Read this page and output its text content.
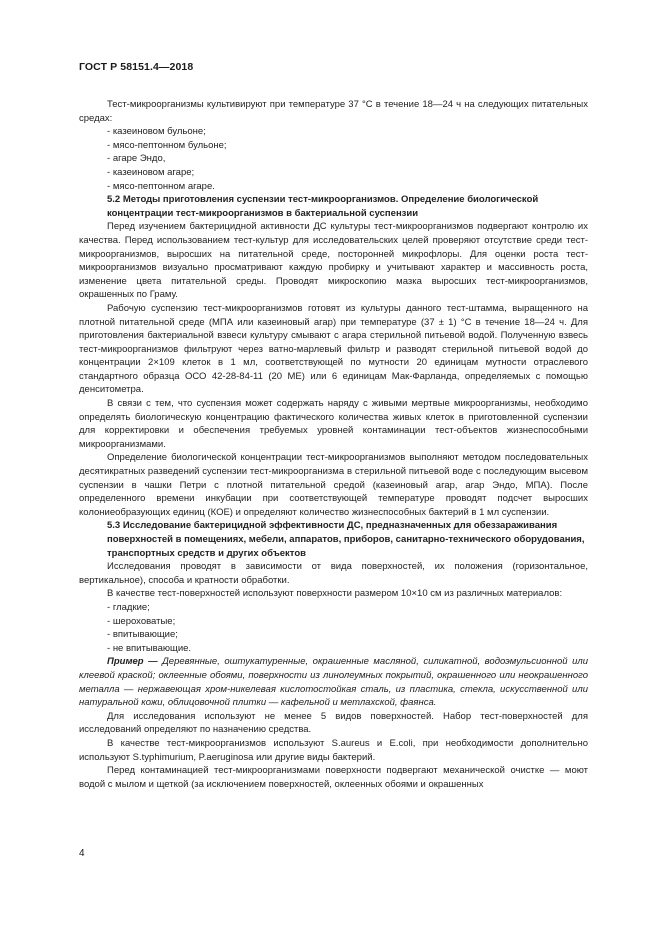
ГОСТ Р 58151.4—2018

Тест-микроорганизмы культивируют при температуре 37 °С в течение 18—24 ч на следующих питательных средах:

- казеиновом бульоне;
- мясо-пептонном бульоне;
- агаре Эндо,
- казеиновом агаре;
- мясо-пептонном агаре.

5.2 Методы приготовления суспензии тест-микроорганизмов. Определение биологической концентрации тест-микроорганизмов в бактериальной суспензии

Перед изучением бактерицидной активности ДС культуры тест-микроорганизмов подвергают контролю их качества. Перед использованием тест-культур для исследовательских целей проверяют отсутствие среди тест-микроорганизмов, выросших на питательной среде, посторонней микрофлоры. Для оценки роста тест-микроорганизмов визуально просматривают каждую пробирку и учитывают характер и массивность роста, изменение цвета питательной среды. Проводят микроскопию мазка выросших тест-микроорганизмов, окрашенных по Граму.

Рабочую суспензию тест-микроорганизмов готовят из культуры данного тест-штамма, выращенного на плотной питательной среде (МПА или казеиновый агар) при температуре (37 ± 1) °С в течение 18—24 ч. Для приготовления бактериальной взвеси культуру смывают с агара стерильной питьевой водой. Полученную взвесь тест-микроорганизмов фильтруют через ватно-марлевый фильтр и разводят стерильной питьевой водой до концентрации 2×109 клеток в 1 мл, соответствующей по мутности 20 единицам мутности отраслевого стандартного образца ОСО 42-28-84-11 (20 МЕ) или 6 единицам Мак-Фарланда, определяемых с помощью денситометра.

В связи с тем, что суспензия может содержать наряду с живыми мертвые микроорганизмы, необходимо определять биологическую концентрацию фактического количества живых клеток в приготовленной суспензии для корректировки и обеспечения требуемых уровней контаминации тест-объектов жизнеспособными микроорганизмами.

Определение биологической концентрации тест-микроорганизмов выполняют методом последовательных десятикратных разведений суспензии тест-микроорганизма в стерильной питьевой воде с последующим высевом суспензии в чашки Петри с плотной питательной средой (казеиновый агар, агар Эндо, МПА). После определенного времени инкубации при соответствующей температуре проводят подсчет выросших колониеобразующих единиц (КОЕ) и определяют количество жизнеспособных бактерий в 1 мл суспензии.

5.3 Исследование бактерицидной эффективности ДС, предназначенных для обеззараживания поверхностей в помещениях, мебели, аппаратов, приборов, санитарно-технического оборудования, транспортных средств и других объектов

Исследования проводят в зависимости от вида поверхностей, их положения (горизонтальное, вертикальное), способа и кратности обработки.

В качестве тест-поверхностей используют поверхности размером 10×10 см из различных материалов:

- гладкие;
- шероховатые;
- впитывающие;
- не впитывающие.

Пример — Деревянные, оштукатуренные, окрашенные масляной, силикатной, водоэмульсионной или клеевой краской; оклеенные обоями, поверхности из линолеумных покрытий, окрашенного или неокрашенного металла — нержавеющая хром-никелевая кислотостойкая сталь, из пластика, стекла, искусственной или натуральной кожи, облицовочной плитки — кафельной и метлахской, фаянса.

Для исследования используют не менее 5 видов поверхностей. Набор тест-поверхностей для исследований определяют по назначению средства.

В качестве тест-микроорганизмов используют S.aureus и E.coli, при необходимости дополнительно используют S.typhimurium, P.aeruginosa или другие виды бактерий.

Перед контаминацией тест-микроорганизмами поверхности подвергают механической очистке — моют водой с мылом и щеткой (за исключением поверхностей, оклеенных обоями и окрашенных

4
